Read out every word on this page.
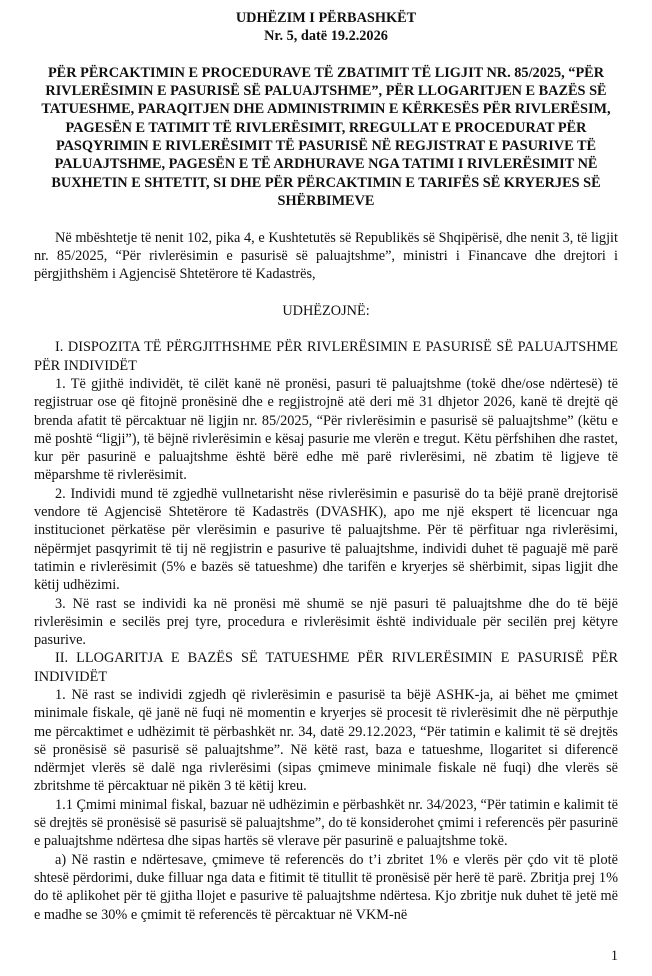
UDHËZIM I PËRBASHKËT
Nr. 5, datë 19.2.2026
PËR PËRCAKTIMIN E PROCEDURAVE TË ZBATIMIT TË LIGJIT NR. 85/2025, “PËR RIVLERËSIMIN E PASURISË SË PALUAJTSHME”, PËR LLOGARITJEN E BAZËS SË TATUESHME, PARAQITJEN DHE ADMINISTRIMIN E KËRKESËS PËR RIVLERËSIM, PAGESËN E TATIMIT TË RIVLERËSIMIT, RREGULLAT E PROCEDURAT PËR PASQYRIMIN E RIVLERËSIMIT TË PASURISË NË REGJISTRAT E PASURIVE TË PALUAJTSHME, PAGESËN E TË ARDHURAVE NGA TATIMI I RIVLERËSIMIT NË BUXHETIN E SHTETIT, SI DHE PËR PËRCAKTIMIN E TARIFËS SË KRYERJES SË SHËRBIMEVE

Në mbështetje të nenit 102, pika 4, e Kushtetutës së Republikës së Shqipërisë, dhe nenit 3, të ligjit nr. 85/2025, “Për rivlerësimin e pasurisë së paluajtshme”, ministri i Financave dhe drejtori i përgjithshëm i Agjencisë Shtetërore të Kadastrës,

UDHËZOJNË:

I. DISPOZITA TË PËRGJITHSHME PËR RIVLERËSIMIN E PASURISË SË PALUAJTSHME PËR INDIVIDËT

1. Të gjithë individët, të cilët kanë në pronësi, pasuri të paluajtshme (tokë dhe/ose ndërtesë) të regjistruar ose që fitojnë pronësinë dhe e regjistrojnë atë deri më 31 dhjetor 2026, kanë të drejtë që brenda afatit të përcaktuar në ligjin nr. 85/2025, “Për rivlerësimin e pasurisë së paluajtshme” (këtu e më poshtë “ligji”), të bëjnë rivlerësimin e kësaj pasurie me vlerën e tregut. Këtu përfshihen dhe rastet, kur për pasurinë e paluajtshme është bërë edhe më parë rivlerësimi, në zbatim të ligjeve të mëparshme të rivlerësimit.

2. Individi mund të zgjedhë vullnetarisht nëse rivlerësimin e pasurisë do ta bëjë pranë drejtorisë vendore të Agjencisë Shtetërore të Kadastrës (DVASHK), apo me një ekspert të licencuar nga institucionet përkatëse për vlerësimin e pasurive të paluajtshme. Për të përfituar nga rivlerësimi, nëpërmjet pasqyrimit të tij në regjistrin e pasurive të paluajtshme, individi duhet të paguajë më parë tatimin e rivlerësimit (5% e bazës së tatueshme) dhe tarifën e kryerjes së shërbimit, sipas ligjit dhe këtij udhëzimi.

3. Në rast se individi ka në pronësi më shumë se një pasuri të paluajtshme dhe do të bëjë rivlerësimin e secilës prej tyre, procedura e rivlerësimit është individuale për secilën prej këtyre pasurive.

II. LLOGARITJA E BAZËS SË TATUESHME PËR RIVLERËSIMIN E PASURISË PËR INDIVIDËT

1. Në rast se individi zgjedh që rivlerësimin e pasurisë ta bëjë ASHK-ja, ai bëhet me çmimet minimale fiskale, që janë në fuqi në momentin e kryerjes së procesit të rivlerësimit dhe në përputhje me përcaktimet e udhëzimit të përbashkët nr. 34, datë 29.12.2023, “Për tatimin e kalimit të së drejtës së pronësisë së pasurisë së paluajtshme”. Në këtë rast, baza e tatueshme, llogaritet si diferencë ndërmjet vlerës së dalë nga rivlerësimi (sipas çmimeve minimale fiskale në fuqi) dhe vlerës së zbritshme të përcaktuar në pikën 3 të këtij kreu.

1.1 Çmimi minimal fiskal, bazuar në udhëzimin e përbashkët nr. 34/2023, “Për tatimin e kalimit të së drejtës së pronësisë së pasurisë së paluajtshme”, do të konsiderohet çmimi i referencës për pasurinë e paluajtshme ndërtesa dhe sipas hartës së vlerave për pasurinë e paluajtshme tokë.

a) Në rastin e ndërtesave, çmimeve të referencës do t’i zbritet 1% e vlerës për çdo vit të plotë shtesë përdorimi, duke filluar nga data e fitimit të titullit të pronësisë për herë të parë. Zbritja prej 1% do të aplikohet për të gjitha llojet e pasurive të paluajtshme ndërtesa. Kjo zbritje nuk duhet të jetë më e madhe se 30% e çmimit të referencës të përcaktuar në VKM-në

1
